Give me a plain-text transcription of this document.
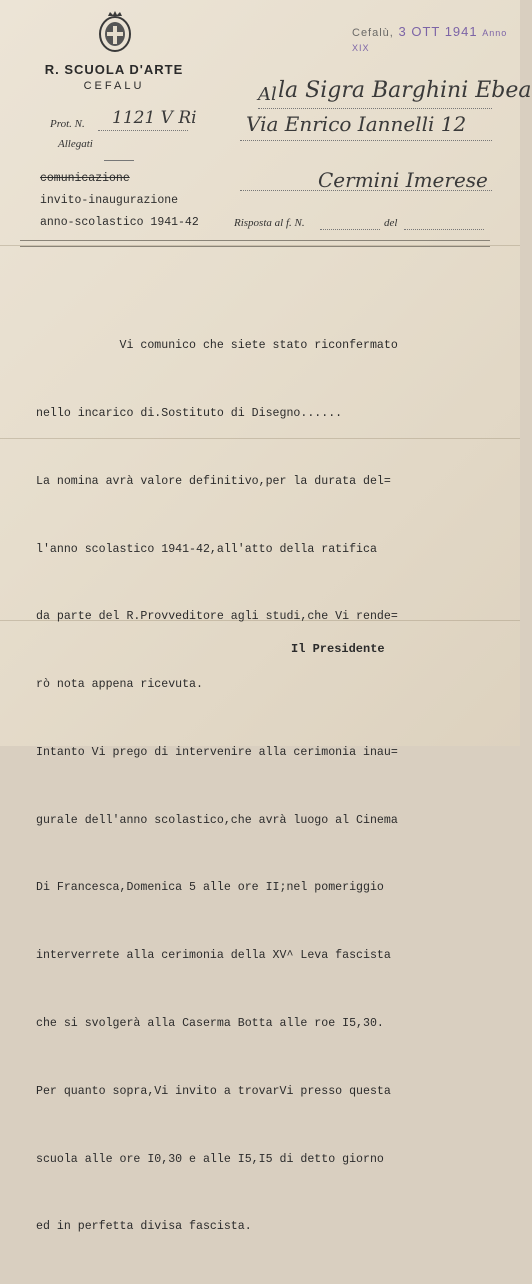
R. SCUOLA D'ARTE
CEFALU
Prot. N. 1121 V Ri
Allegati
comunicazione
invito-inaugurazione
anno-scolastico 1941-42	Risposta al f. N.	del
Cefalù, 3 OTT 1941 Anno XIX
Al la Sigra Barghini Ebea
Via Enrico Iannelli 12
Cermini Imerese

Vi comunico che siete stato riconfermato

nello incarico di.Sostituto di Disegno......

La nomina avrà valore definitivo,per la durata del=

l'anno scolastico 1941-42,all'atto della ratifica

da parte del R.Provveditore agli studi,che Vi rende=

rò nota appena ricevuta.

Intanto Vi prego di intervenire alla cerimonia inau=

gurale dell'anno scolastico,che avrà luogo al Cinema

Di Francesca,Domenica 5 alle ore II;nel pomeriggio

interverrete alla cerimonia della XV^ Leva fascista

che si svolgerà alla Caserma Botta alle roe I5,30.

Per quanto sopra,Vi invito a trovarVi presso questa

scuola alle ore I0,30 e alle I5,I5 di detto giorno

ed in perfetta divisa fascista.

Il Presidente
